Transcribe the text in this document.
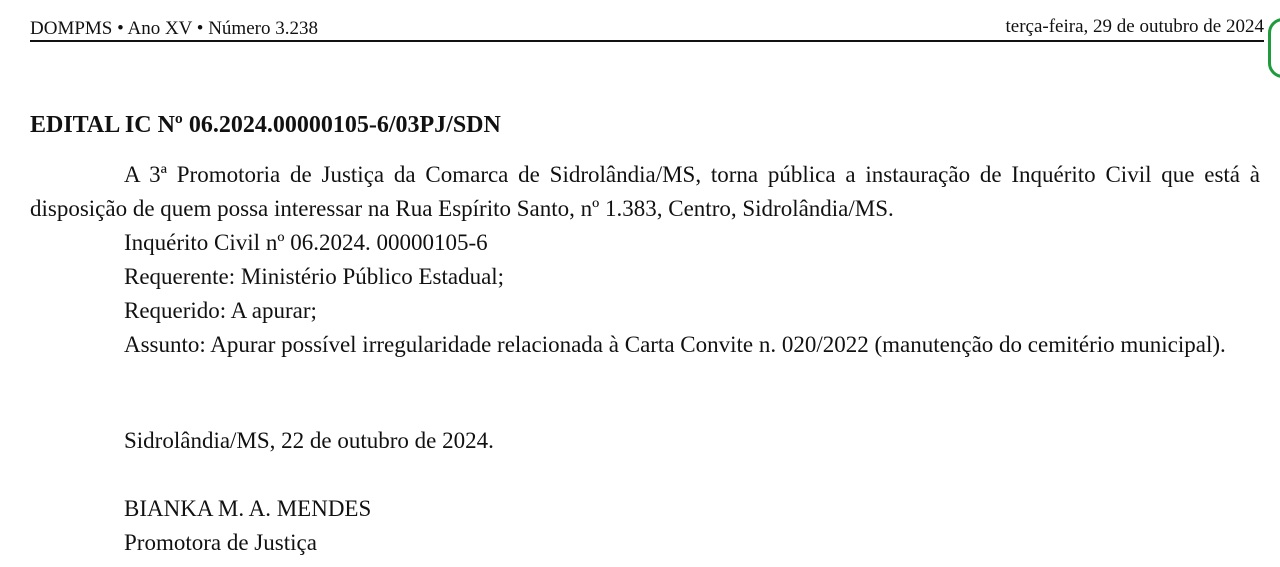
DOMPMS • Ano XV • Número 3.238	terça-feira, 29 de outubro de 2024
EDITAL IC Nº 06.2024.00000105-6/03PJ/SDN

A 3ª Promotoria de Justiça da Comarca de Sidrolândia/MS, torna pública a instauração de Inquérito Civil que está à disposição de quem possa interessar na Rua Espírito Santo, nº 1.383, Centro, Sidrolândia/MS.

Inquérito Civil nº 06.2024. 00000105-6

Requerente: Ministério Público Estadual;

Requerido: A apurar;

Assunto: Apurar possível irregularidade relacionada à Carta Convite n. 020/2022 (manutenção do cemitério municipal).

Sidrolândia/MS, 22 de outubro de 2024.

BIANKA M. A. MENDES

Promotora de Justiça
